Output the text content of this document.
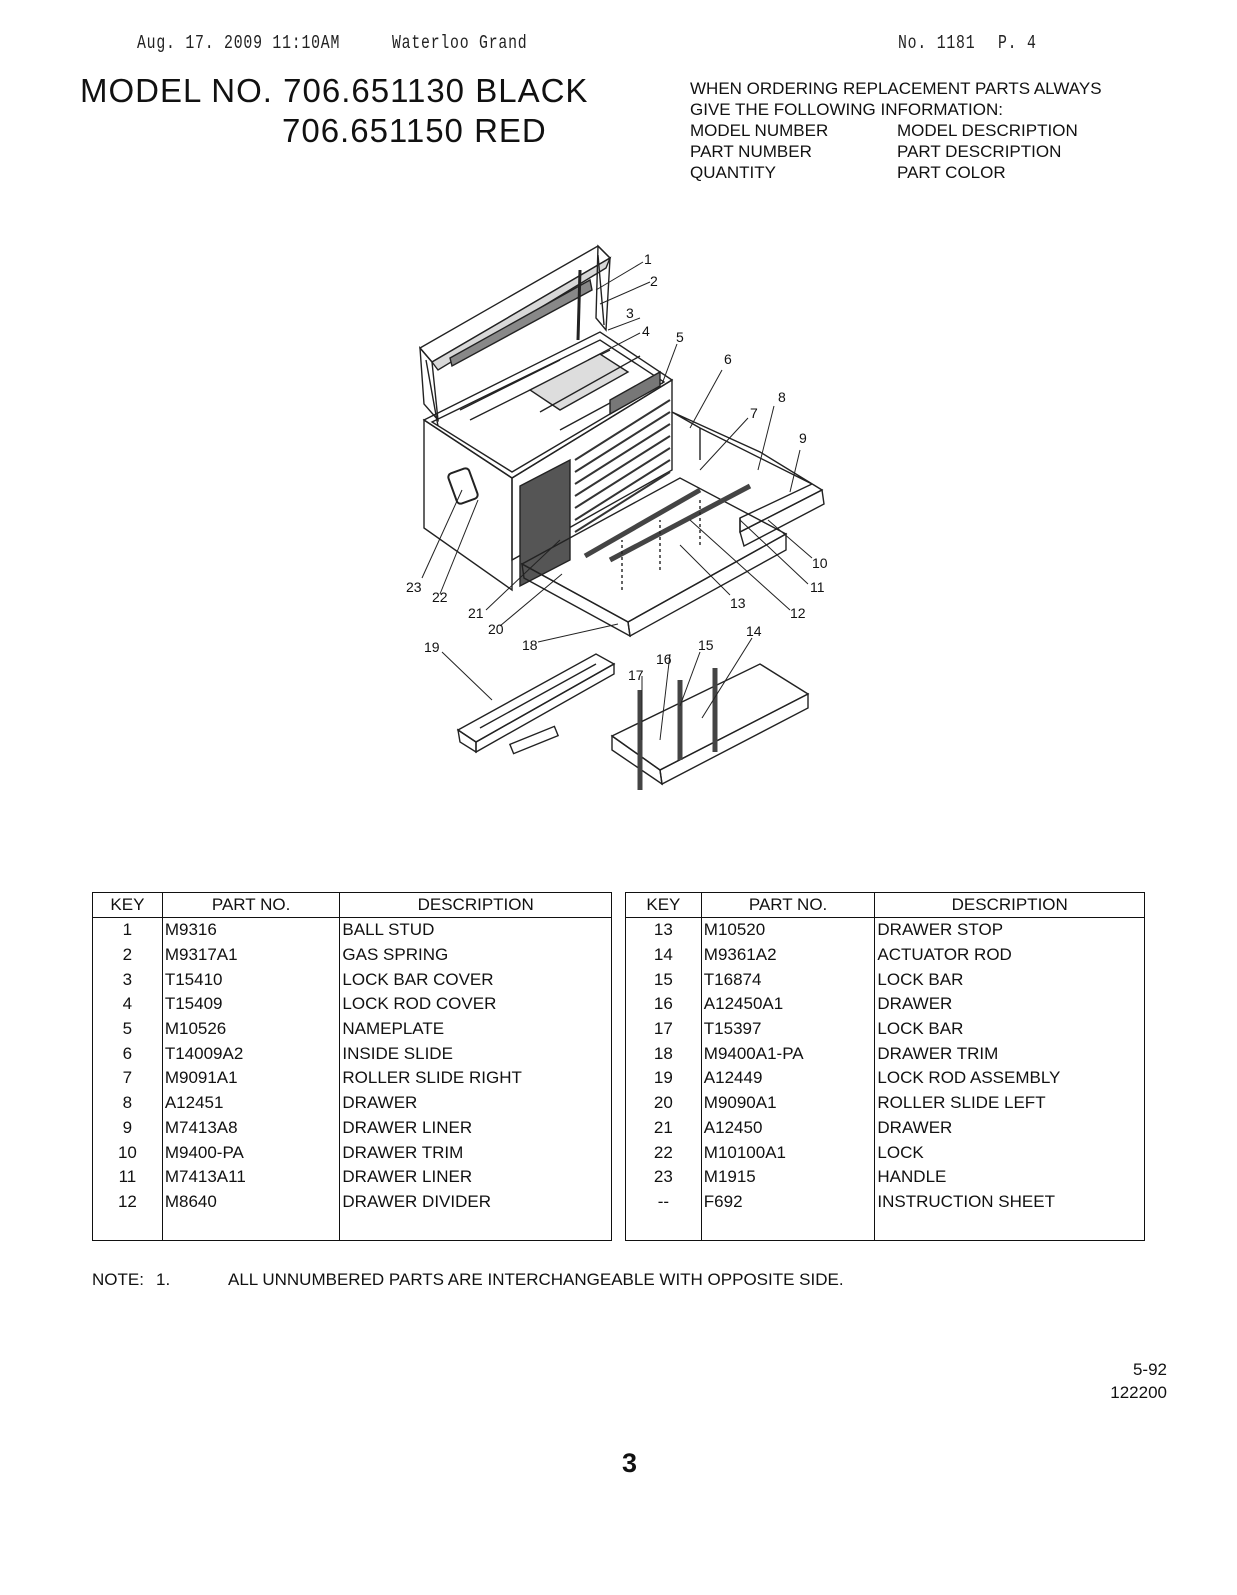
Aug. 17. 2009 11:10AM	Waterloo Grand	No. 1181 P. 4
MODEL NO. 706.651130 BLACK
706.651150 RED
WHEN ORDERING REPLACEMENT PARTS ALWAYS
GIVE THE FOLLOWING INFORMATION:
MODEL NUMBER	MODEL DESCRIPTION
PART NUMBER	PART DESCRIPTION
QUANTITY	PART COLOR
1
2
3
4 5
6
7
8
9
10
11
12
13
14
15
16
17
18
19
20
21
22
23
KEY	PART NO.	DESCRIPTION
1	M9316	BALL STUD
2	M9317A1	GAS SPRING
3	T15410	LOCK BAR COVER
4	T15409	LOCK ROD COVER
5	M10526	NAMEPLATE
6	T14009A2	INSIDE SLIDE
7	M9091A1	ROLLER SLIDE RIGHT
8	A12451	DRAWER
9	M7413A8	DRAWER LINER
10	M9400-PA	DRAWER TRIM
11	M7413A11	DRAWER LINER
12	M8640	DRAWER DIVIDER

KEY	PART NO.	DESCRIPTION
13	M10520	DRAWER STOP
14	M9361A2	ACTUATOR ROD
15	T16874	LOCK BAR
16	A12450A1	DRAWER
17	T15397	LOCK BAR
18	M9400A1-PA	DRAWER TRIM
19	A12449	LOCK ROD ASSEMBLY
20	M9090A1	ROLLER SLIDE LEFT
21	A12450	DRAWER
22	M10100A1	LOCK
23	M1915	HANDLE
--	F692	INSTRUCTION SHEET

NOTE: 1.	ALL UNNUMBERED PARTS ARE INTERCHANGEABLE WITH OPPOSITE SIDE.
5-92
122200
3
